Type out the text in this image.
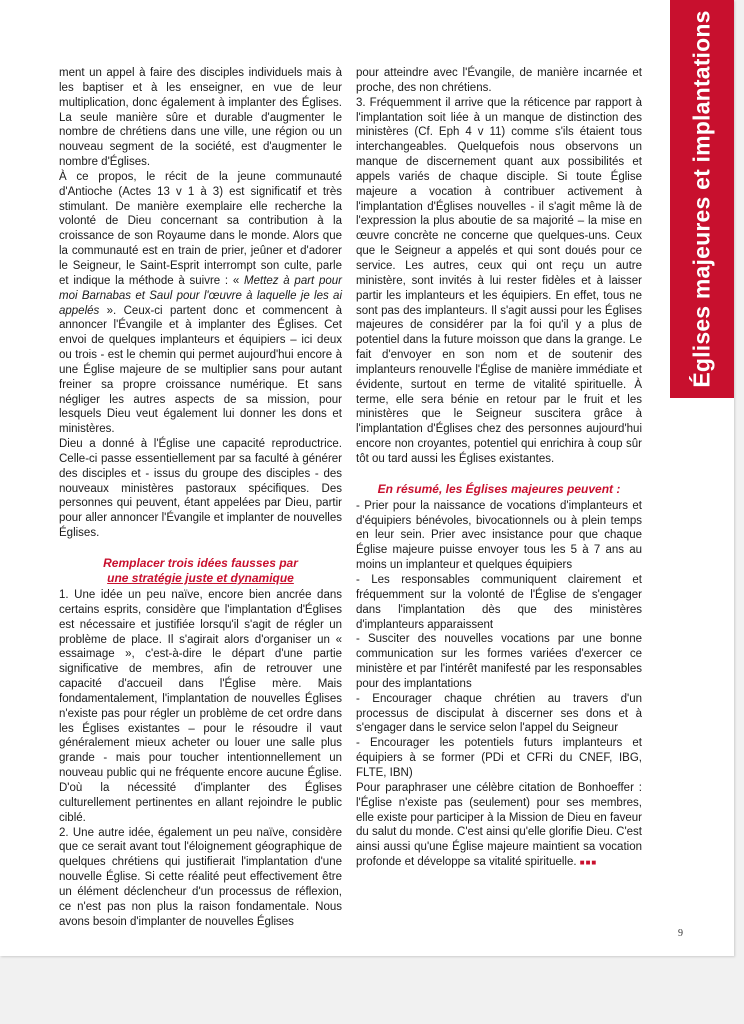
Églises majeures et implantations

ment un appel à faire des disciples individuels mais à les baptiser et à les enseigner, en vue de leur multiplication, donc également à implanter des Églises. La seule manière sûre et durable d'augmenter le nombre de chrétiens dans une ville, une région ou un nouveau segment de la société, est d'augmenter le nombre d'Églises.

À ce propos, le récit de la jeune communauté d'Antioche (Actes 13 v 1 à 3) est significatif et très stimulant. De manière exemplaire elle recherche la volonté de Dieu concernant sa contribution à la croissance de son Royaume dans le monde. Alors que la communauté est en train de prier, jeûner et d'adorer le Seigneur, le Saint-Esprit interrompt son culte, parle et indique la méthode à suivre : « Mettez à part pour moi Barnabas et Saul pour l'œuvre à laquelle je les ai appelés ». Ceux-ci partent donc et commencent à annoncer l'Évangile et à implanter des Églises. Cet envoi de quelques implanteurs et équipiers – ici deux ou trois - est le chemin qui permet aujourd'hui encore à une Église majeure de se multiplier sans pour autant freiner sa propre croissance numérique. Et sans négliger les autres aspects de sa mission, pour lesquels Dieu veut également lui donner les dons et ministères.

Dieu a donné à l'Église une capacité reproductrice. Celle-ci passe essentiellement par sa faculté à générer des disciples et - issus du groupe des disciples - des nouveaux ministères pastoraux spécifiques. Des personnes qui peuvent, étant appelées par Dieu, partir pour aller annoncer l'Évangile et implanter de nouvelles Églises.

Remplacer trois idées fausses par
une stratégie juste et dynamique

1. Une idée un peu naïve, encore bien ancrée dans certains esprits, considère que l'implantation d'Églises est nécessaire et justifiée lorsqu'il s'agit de régler un problème de place. Il s'agirait alors d'organiser un « essaimage », c'est-à-dire le départ d'une partie significative de membres, afin de retrouver une capacité d'accueil dans l'Église mère. Mais fondamentalement, l'implantation de nouvelles Églises n'existe pas pour régler un problème de cet ordre dans les Églises existantes – pour le résoudre il vaut généralement mieux acheter ou louer une salle plus grande - mais pour toucher intentionnellement un nouveau public qui ne fréquente encore aucune Église. D'où la nécessité d'implanter des Églises culturellement pertinentes en allant rejoindre le public ciblé.

2. Une autre idée, également un peu naïve, considère que ce serait avant tout l'éloignement géographique de quelques chrétiens qui justifierait l'implantation d'une nouvelle Église. Si cette réalité peut effectivement être un élément déclencheur d'un processus de réflexion, ce n'est pas non plus la raison fondamentale. Nous avons besoin d'implanter de nouvelles Églises

pour atteindre avec l'Évangile, de manière incarnée et proche, des non chrétiens.

3. Fréquemment il arrive que la réticence par rapport à l'implantation soit liée à un manque de distinction des ministères (Cf. Eph 4 v 11) comme s'ils étaient tous interchangeables. Quelquefois nous observons un manque de discernement quant aux possibilités et appels variés de chaque disciple. Si toute Église majeure a vocation à contribuer activement à l'implantation d'Églises nouvelles - il s'agit même là de l'expression la plus aboutie de sa majorité – la mise en œuvre concrète ne concerne que quelques-uns. Ceux que le Seigneur a appelés et qui sont doués pour ce service. Les autres, ceux qui ont reçu un autre ministère, sont invités à lui rester fidèles et à laisser partir les implanteurs et les équipiers. En effet, tous ne sont pas des implanteurs. Il s'agit aussi pour les Églises majeures de considérer par la foi qu'il y a plus de potentiel dans la future moisson que dans la grange. Le fait d'envoyer en son nom et de soutenir des implanteurs renouvelle l'Église de manière immédiate et évidente, surtout en terme de vitalité spirituelle. À terme, elle sera bénie en retour par le fruit et les ministères que le Seigneur suscitera grâce à l'implantation d'Églises chez des personnes aujourd'hui encore non croyantes, potentiel qui enrichira à coup sûr tôt ou tard aussi les Églises existantes.

En résumé, les Églises majeures peuvent :

- Prier pour la naissance de vocations d'implanteurs et d'équipiers bénévoles, bivocationnels ou à plein temps en leur sein. Prier avec insistance pour que chaque Église majeure puisse envoyer tous les 5 à 7 ans au moins un implanteur et quelques équipiers

- Les responsables communiquent clairement et fréquemment sur la volonté de l'Église de s'engager dans l'implantation dès que des ministères d'implanteurs apparaissent

- Susciter des nouvelles vocations par une bonne communication sur les formes variées d'exercer ce ministère et par l'intérêt manifesté par les responsables pour des implantations

- Encourager chaque chrétien au travers d'un processus de discipulat à discerner ses dons et à s'engager dans le service selon l'appel du Seigneur

- Encourager les potentiels futurs implanteurs et équipiers à se former (PDi et CFRi du CNEF, IBG, FLTE, IBN)

Pour paraphraser une célèbre citation de Bonhoeffer : l'Église n'existe pas (seulement) pour ses membres, elle existe pour participer à la Mission de Dieu en faveur du salut du monde. C'est ainsi qu'elle glorifie Dieu. C'est ainsi aussi qu'une Église majeure maintient sa vocation profonde et développe sa vitalité spirituelle. ■■■

9
